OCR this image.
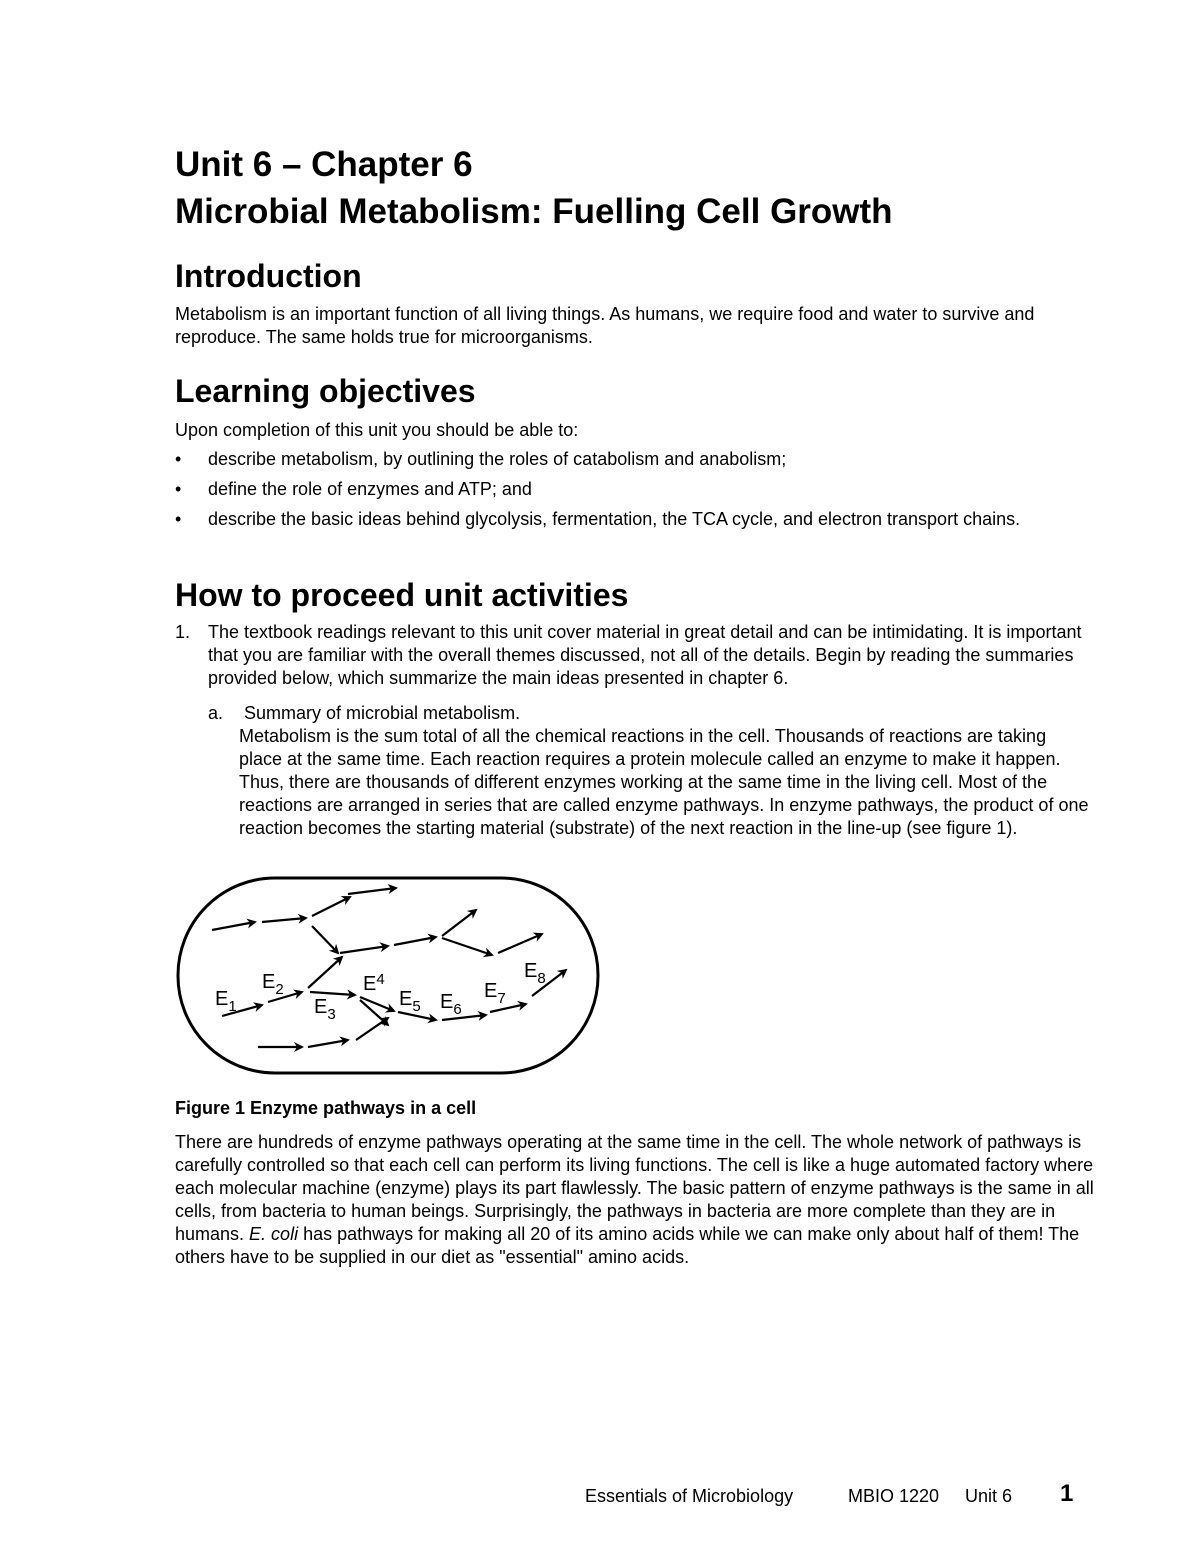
Unit 6 – Chapter 6
Microbial Metabolism: Fuelling Cell Growth
Introduction

Metabolism is an important function of all living things. As humans, we require food and water to survive and reproduce. The same holds true for microorganisms.

Learning objectives

Upon completion of this unit you should be able to:

• describe metabolism, by outlining the roles of catabolism and anabolism;
• define the role of enzymes and ATP; and
• describe the basic ideas behind glycolysis, fermentation, the TCA cycle, and electron transport chains.
How to proceed unit activities
1. The textbook readings relevant to this unit cover material in great detail and can be intimidating. It is important that you are familiar with the overall themes discussed, not all of the details. Begin by reading the summaries provided below, which summarize the main ideas presented in chapter 6.
a. Summary of microbial metabolism.
Metabolism is the sum total of all the chemical reactions in the cell. Thousands of reactions are taking place at the same time. Each reaction requires a protein molecule called an enzyme to make it happen. Thus, there are thousands of different enzymes working at the same time in the living cell. Most of the reactions are arranged in series that are called enzyme pathways. In enzyme pathways, the product of one reaction becomes the starting material (substrate) of the next reaction in the line-up (see figure 1).
$E_1$
$E_2$
$E_3$
$E^4$
$E_5$ $E_6$
$E_7$
$E_8$
Figure 1 Enzyme pathways in a cell

There are hundreds of enzyme pathways operating at the same time in the cell. The whole network of pathways is carefully controlled so that each cell can perform its living functions. The cell is like a huge automated factory where each molecular machine (enzyme) plays its part flawlessly. The basic pattern of enzyme pathways is the same in all cells, from bacteria to human beings. Surprisingly, the pathways in bacteria are more complete than they are in humans. E. coli has pathways for making all 20 of its amino acids while we can make only about half of them! The others have to be supplied in our diet as "essential" amino acids.

Essentials of Microbiology	MBIO 1220 Unit 6 1
